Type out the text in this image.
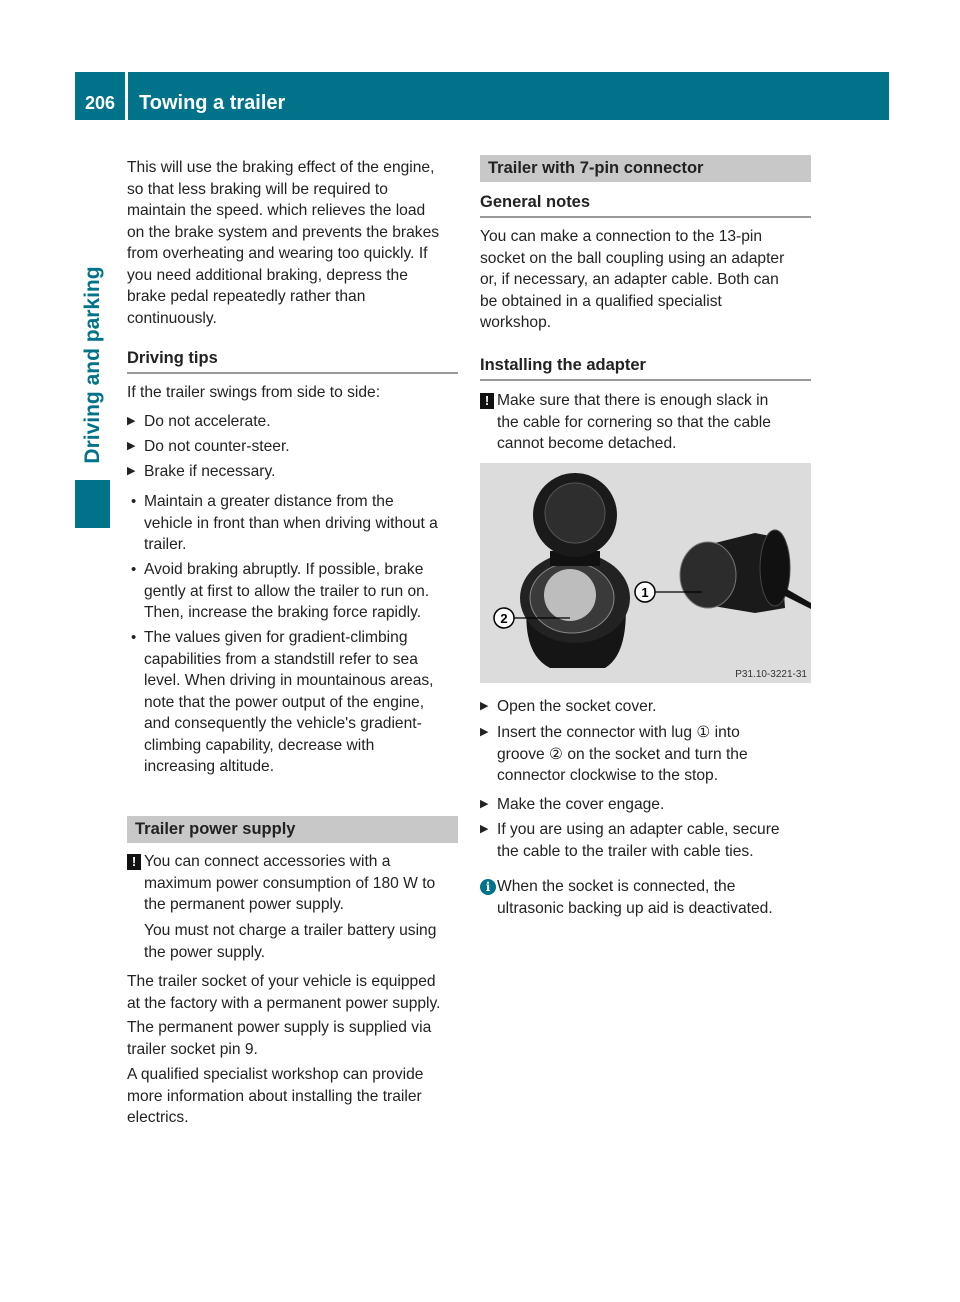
206 Towing a trailer
Driving and parking
This will use the braking effect of the engine,
so that less braking will be required to
maintain the speed. which relieves the load
on the brake system and prevents the brakes
from overheating and wearing too quickly. If
you need additional braking, depress the
brake pedal repeatedly rather than
continuously.
Driving tips
If the trailer swings from side to side:
▶ Do not accelerate.
▶ Do not counter-steer.
▶ Brake if necessary.
• Maintain a greater distance from the
vehicle in front than when driving without a
trailer.
• Avoid braking abruptly. If possible, brake
gently at first to allow the trailer to run on.
Then, increase the braking force rapidly.
• The values given for gradient-climbing
capabilities from a standstill refer to sea
level. When driving in mountainous areas,
note that the power output of the engine,
and consequently the vehicle's gradient-
climbing capability, decrease with
increasing altitude.
Trailer power supply
! You can connect accessories with a
maximum power consumption of 180 W to
the permanent power supply.
You must not charge a trailer battery using
the power supply.
The trailer socket of your vehicle is equipped
at the factory with a permanent power supply.
The permanent power supply is supplied via
trailer socket pin 9.
A qualified specialist workshop can provide
more information about installing the trailer
electrics.
Trailer with 7-pin connector
General notes
You can make a connection to the 13-pin
socket on the ball coupling using an adapter
or, if necessary, an adapter cable. Both can
be obtained in a qualified specialist
workshop.
Installing the adapter
! Make sure that there is enough slack in
the cable for cornering so that the cable
cannot become detached.
1
2
P31.10-3221-31
▶ Open the socket cover.
▶ Insert the connector with lug ① into
groove ② on the socket and turn the
connector clockwise to the stop.
▶ Make the cover engage.
▶ If you are using an adapter cable, secure
the cable to the trailer with cable ties.
i When the socket is connected, the
ultrasonic backing up aid is deactivated.
